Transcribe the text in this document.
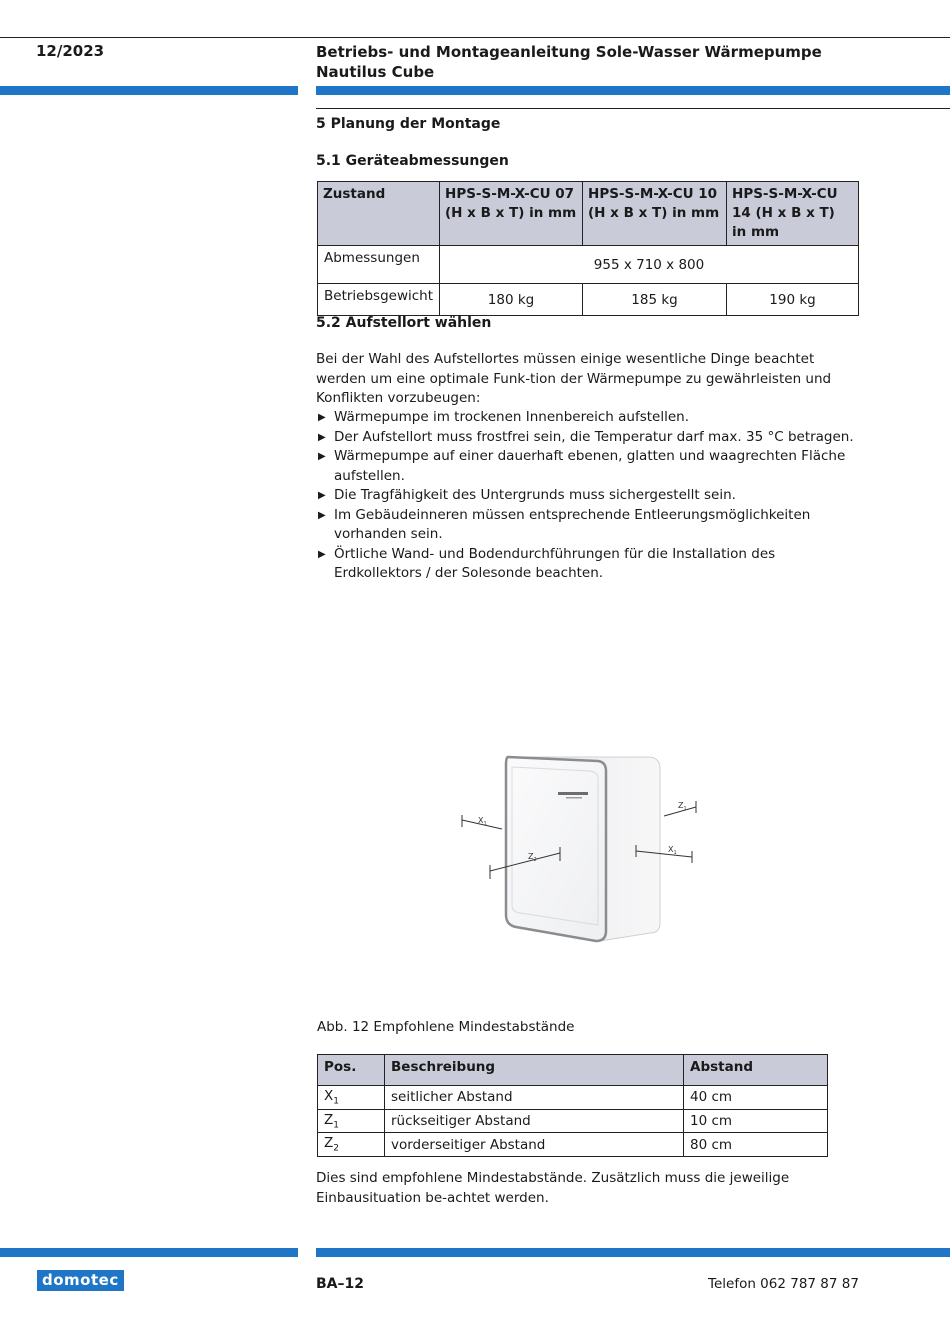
12/2023	Betriebs- und Montageanleitung Sole-Wasser Wärmepumpe
Nautilus Cube
5 Planung der Montage
5.1 Geräteabmessungen
Zustand	HPS-S-M-X-CU 07 (H x B x T) in mm	HPS-S-M-X-CU 10 (H x B x T) in mm	HPS-S-M-X-CU 14 (H x B x T) in mm
Abmessungen	955 x 710 x 800		
Betriebsgewicht	180 kg	185 kg	190 kg
5.2 Aufstellort wählen
Bei der Wahl des Aufstellortes müssen einige wesentliche Dinge beachtet werden um eine optimale Funk-tion der Wärmepumpe zu gewährleisten und Konflikten vorzubeugen:
▶ Wärmepumpe im trockenen Innenbereich aufstellen.
▶ Der Aufstellort muss frostfrei sein, die Temperatur darf max. 35 °C betragen.
▶ Wärmepumpe auf einer dauerhaft ebenen, glatten und waagrechten Fläche aufstellen.
▶ Die Tragfähigkeit des Untergrunds muss sichergestellt sein.
▶ Im Gebäudeinneren müssen entsprechende Entleerungsmöglichkeiten vorhanden sein.
▶ Örtliche Wand- und Bodendurchführungen für die Installation des Erdkollektors / der Solesonde beachten.
$X_1$
$Z_2$
$Z_1$
$X_1$
Abb. 12 Empfohlene Mindestabstände
Pos.	Beschreibung	Abstand
$X_1$	seitlicher Abstand	40 cm
$Z_1$	rückseitiger Abstand	10 cm
$Z_2$	vorderseitiger Abstand	80 cm
Dies sind empfohlene Mindestabstände. Zusätzlich muss die jeweilige Einbausituation be-achtet werden.
domotec	BA–12	Telefon 062 787 87 87
